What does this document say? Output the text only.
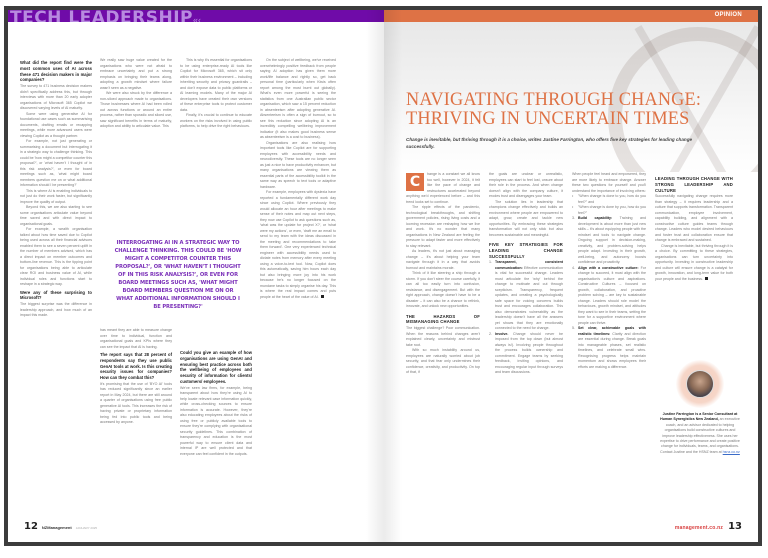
TECH LEADERSHIP«‹
What did the report find were the most common uses of AI across these 471 decision makers in major companies?

The survey to 471 business decision makers didn't specifically address this, but through interviews with more than 20 early adopter organisations of Microsoft 365 Copilot we discovered varying levels of AI maturity.

Some were using generative AI for foundational use cases such as summarising documents, drafting emails or recapping meetings, while more advanced users were viewing Copilot as a thought partner.

For example, not just generating or summarising a document but interrogating it in a strategic way to challenge thinking. This could be 'how might a competitor counter this proposal?', or 'what haven't I thought of in this risk analysis?', or even for board meetings such as, 'what might board members question me on or what additional information should I be presenting?'

This is where AI is enabling individuals to not just do their work faster, but significantly improve the quality of output.

Beyond this, we are also starting to see some organisations articulate value beyond time saved and with direct impact to organisational goals.

For example, a wealth organisation talked about how time saved due to Copilot being used across all their financial advisors enabled them to see a seven percent uplift in the number of members advised, which has a direct impact on member outcomes and bottom-line revenue. This is the tipping point for organisations being able to articulate clear ROI and business value of AI, while individual roles and functions start to reshape in a strategic way.

Were any of these surprising to Microsoft?

The biggest surprise was the difference in leadership approach, and how much of an impact this made.

We really saw huge value created for the organisations who were not afraid to embrace uncertainty and put a strong emphasis on bringing their teams along, adopting a growth mindset where failure wasn't seen as a negative.

We were also struck by the difference a non-siloed approach made to organisations. Those businesses where AI had been rolled out across functions or around an entire process, rather than sporadic and siloed use, saw significant benefits in terms of maturity, adoption and ability to articulate value. This

This is why it's essential for organisations to be using enterprise-ready AI tools like Copilot for Microsoft 365, which sit only within their business environment – including inheriting security and privacy guardrails – and don't expose data to public platforms or AI learning models. Many of the major AI developers have created their own versions of these enterprise tools to protect customer data.

Finally, it's crucial to continue to educate workers on the risks involved in using public platforms, to help drive the right behaviours.

On the subject of wellbeing, we've received overwhelmingly positive feedback from people saying AI adoption has given them more work/life balance and rightly so, get back personal time (particularly when Kiwis often report among the most burnt out globally). What's even more powerful is seeing the statistics from one Australian public sector organisation, which saw a 15 percent reduction in absenteeism after adopting generative AI. Absenteeism is often a sign of burnout, so to see this reduction since adopting AI is an incredibly compelling wellbeing improvement indicator (it also makes good business sense as absenteeism is a cost to business).

Organisations are also realising how important tools like Copilot are for supporting employees with accessibility needs and neurodiversity. These tools are no longer seen as just a nice to have productivity enhancer, but many organisations are viewing them as essential parts of the accessibility toolkit in the same way as speech to text tools or adaptive hardware.

For example, employees with dyslexia have reported a fundamentally different work day since using Copilot. Where previously they would allocate an hour after meetings to make sense of their notes and map out next steps, they now use Copilot to ask questions such as, 'what was the update for project X?', or 'what were my actions', or even, 'draft me an email to send to my team with the ideas discussed in the meeting and recommendations to take them forward'. One very experienced technical engineer with accessibility needs used to dictate notes from memory after every meeting using a voice-to-text tool. Now, Copilot does this automatically, saving him hours each day but also bringing more joy into his work because he's no longer focused on the mundane tasks to simply organise his day. This is where the real impact comes and puts people at the heart of the value of AI.

INTERROGATING AI IN A STRATEGIC WAY TO CHALLENGE THINKING. THIS COULD BE 'HOW MIGHT A COMPETITOR COUNTER THIS PROPOSAL?', OR 'WHAT HAVEN'T I THOUGHT OF IN THIS RISK ANALYSIS?', OR EVEN FOR BOARD MEETINGS SUCH AS, 'WHAT MIGHT BOARD MEMBERS QUESTION ME ON OR WHAT ADDITIONAL INFORMATION SHOULD I BE PRESENTING?'

has meant they are able to measure change over time to individual, function and organisational goals and KPIs where they can see the impact that AI is having.

The report says that 28 percent of respondents say they use public GenAI tools at work. Is this creating security issues for companies? How can they combat this?

It's promising that the use of 'BYO AI' tools has reduced significantly since an earlier report in May 2024, but there are still around a quarter of organisations using free public generative AI tools. This increases the risk of having private or proprietary information being fed into public tools and being accessed by anyone.

Could you give an example of how organisations are using GenAI and ensuring best practice across both the wellbeing of employees and security of information for clients/ customers/ employees.

We've seen law firms, for example, being transparent about how they're using AI to help locate relevant case information quickly, while cross-checking sources to ensure information is accurate. However, they're also educating employees about the risks of using free or publicly available tools to ensure they're complying with organisational security guidelines. This combination of transparency and education is the most powerful way to ensure client data and internal IP are well protected and that everyone can feel confident in the outputs.

12 NZManagement JANUARY 2025
OPINION
NAVIGATING THROUGH CHANGE:
THRIVING IN UNCERTAIN TIMES
Change is inevitable, but thriving through it is a choice, writes Justine Farrington, who offers five key strategies for leading change successfully.

C	hange is a constant we all know too well, however in 2024, it felt like the pace of change and restructures accelerated beyond anything we'd experienced before – and this trend looks set to continue.

The ripple effects of the pandemic, technological breakthroughs, and shifting government policies, rising living costs and a looming recession are reshaping how we live and work. It's no wonder that many organisations in New Zealand are feeling the pressure to adapt faster and more effectively to stay relevant.

As leaders, it's not just about managing change – it's about helping your team navigate through it in a way that avoids burnout and maintains morale.

Think of it like steering a ship through a storm. If you don't steer the course carefully, it can all too easily turn into confusion, resistance, and disengagement. But with the right approach, change doesn't have to be a disaster – it can also be a chance to rethink, innovate, and unlock new opportunities.

THE HAZARDS OF MISMANAGING CHANGE

The biggest challenge? Poor communication. When the reasons behind changes aren't explained clearly, uncertainty and mistrust take root.

With so much instability around us, employees are naturally worried about job security, and that fear only undermines their confidence, creativity, and productivity. On top of that, if

the goals are unclear or unrealistic, employees can start to feel lost, unsure about their role in the process. And when change doesn't align with the company culture, it erodes trust and disengages your team.

The solution lies in leadership that champions change effectively and builds an environment where people are empowered to adapt, grow, create and tackle new opportunities. By embracing these strategies transformation will not only stick but also becomes sustainable and meaningful.

FIVE KEY STRATEGIES FOR LEADING CHANGE SUCCESSFULLY
1. Transparent, consistent communication: Effective communication is vital for successful change. Leaders must articulate the 'why' behind the change to motivate and cut through scepticism. Transparency, frequent updates, and creating a psychologically safe space for voicing concerns builds trust and encourages collaboration. This also demonstrates vulnerability as the leadership doesn't have all the answers yet shows that they are emotionally connected to the need for change.
2. Involve. Change should never be imposed from the top down (but almost always is!). Involving people throughout the process builds ownership and commitment. Engage teams by seeking feedback, inviting opinions, and encouraging regular input through surveys and team discussions.

When people feel heard and empowered, they are more likely to embrace change. Answer these two questions for yourself and you'll understand the importance of involving others:

• "When change is done to you, how do you feel?" and
• "When change is done by you, how do you feel?"
3. Build capability: Training and development is about more than just new skills – it's about equipping people with the mindset and tools to navigate change. Ongoing support in decision-making, creativity, and problem-solving helps people adapt. Investing in their growth, well-being, and autonomy boosts confidence and proactivity.
4. Align with a constructive culture: For change to succeed, it must align with the organisation's culture and aspirations. Constructive Cultures – focused on growth, collaboration, and proactive problem solving – are key to sustainable change. Leaders should role model the behaviours, growth mindset, and attitudes they want to see in their teams, setting the tone for a supportive environment where people can thrive.
5. Set clear, achievable goals with realistic timelines: Clarity and direction are essential during change. Break goals into manageable phases, set realistic timelines, and celebrate small wins. Recognising progress helps maintain momentum and shows employees their efforts are making a difference.
LEADING THROUGH CHANGE WITH STRONG LEADERSHIP AND CULTURE

Successfully navigating change requires more than strategy – it requires leadership and a culture that supports transformation. Transparent communication, employee involvement, capability building, and alignment with a constructive culture guides teams through change. Leaders who model desired behaviours and foster trust and collaboration ensure that change is embraced and sustained.

Change is inevitable, but thriving through it is a choice. By committing to these strategies, organisations can turn uncertainty into opportunity. Investing in constructive leadership and culture will ensure change is a catalyst for growth, innovation, and long-term value for both your people and the business.

Justine Farrington is a Senior Consultant at Human Synergistics New Zealand, an executive coach, and an advisor dedicated to helping organisations build constructive cultures and improve leadership effectiveness. She uses her expertise to drive performance and create positive change for individuals, teams, and organisations. Contact Justine and the HSNZ team at hsnz.co.nz
management.co.nz 13
